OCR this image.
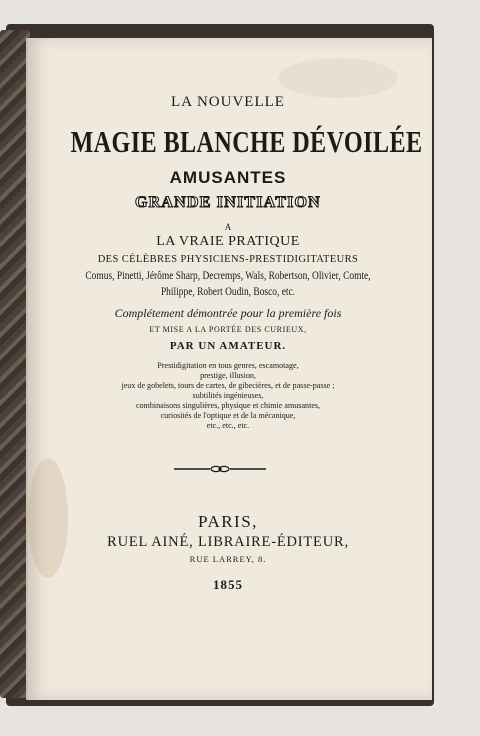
LA NOUVELLE
MAGIE BLANCHE DÉVOILÉE
AMUSANTES
GRANDE INITIATION
A
LA VRAIE PRATIQUE
DES CÉLÈBRES PHYSICIENS-PRESTIDIGITATEURS
Comus, Pinetti, Jérôme Sharp, Decremps, Wals, Robertson, Olivier, Comte,
Philippe, Robert Oudin, Bosco, etc.
Complétement démontrée pour la première fois
ET MISE A LA PORTÉE DES CURIEUX,
PAR UN AMATEUR.
Prestidigitation en tous genres, escamotage,
prestige, illusion,
jeux de gobelets, tours de cartes, de gibecières, et de passe-passe ;
subtilités ingénieuses,
combinaisons singulières, physique et chimie amusantes,
curiosités de l'optique et de la mécanique,
etc., etc., etc.
PARIS,
RUEL AINÉ, LIBRAIRE-ÉDITEUR,
RUE LARREY, 8.
1855
